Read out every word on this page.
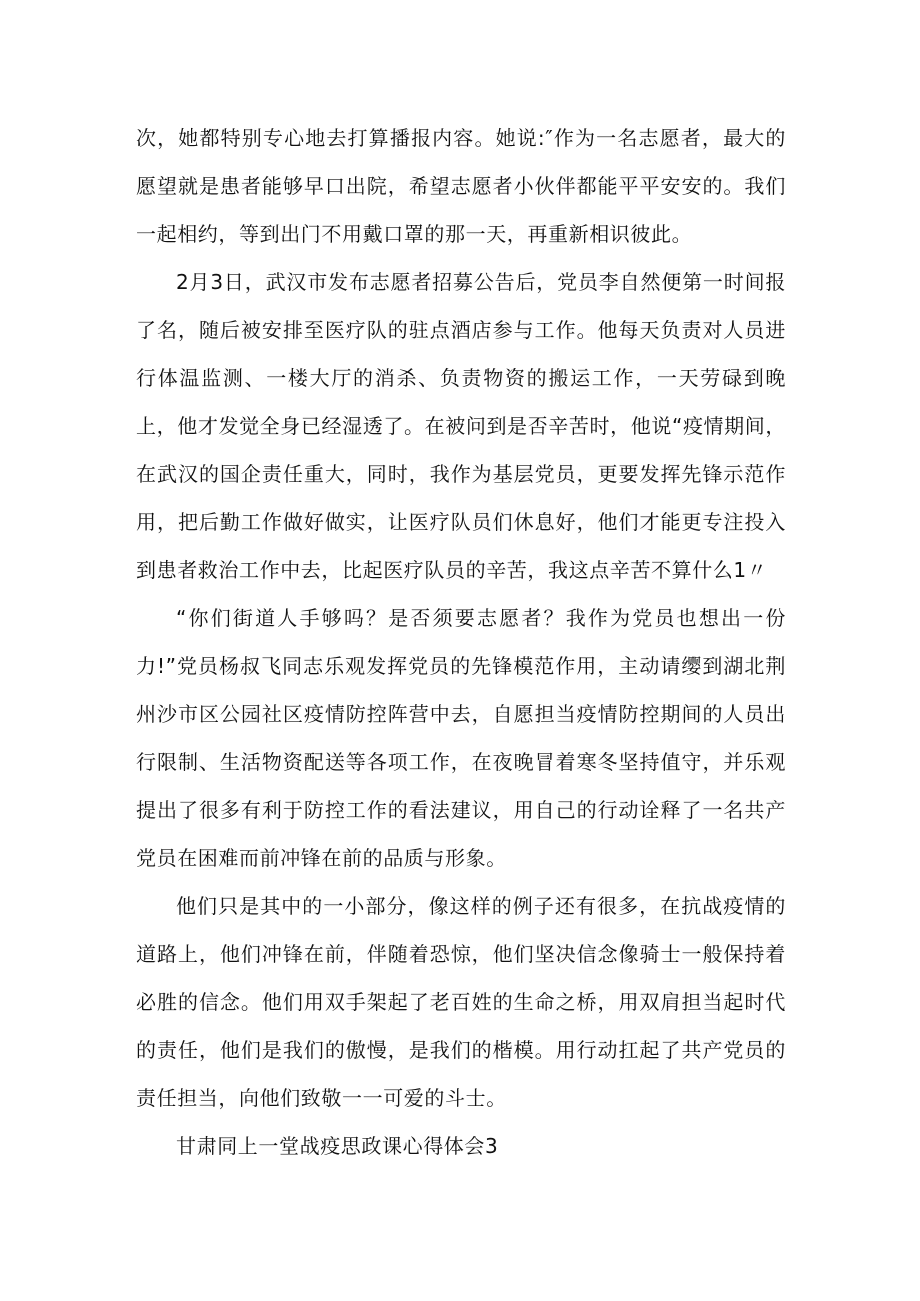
次，她都特别专心地去打算播报内容。她说:″作为一名志愿者，最大的愿望就是患者能够早口出院，希望志愿者小伙伴都能平平安安的。我们一起相约，等到出门不用戴口罩的那一天，再重新相识彼此。

2月3日，武汉市发布志愿者招募公告后，党员李自然便第一时间报了名，随后被安排至医疗队的驻点酒店参与工作。他每天负责对人员进行体温监测、一楼大厅的消杀、负责物资的搬运工作，一天劳碌到晚上，他才发觉全身已经湿透了。在被问到是否辛苦时，他说“疫情期间，在武汉的国企责任重大，同时，我作为基层党员，更要发挥先锋示范作用，把后勤工作做好做实，让医疗队员们休息好，他们才能更专注投入到患者救治工作中去，比起医疗队员的辛苦，我这点辛苦不算什么1〃

“你们街道人手够吗？是否须要志愿者？我作为党员也想出一份力!”党员杨叔飞同志乐观发挥党员的先锋模范作用，主动请缨到湖北荆州沙市区公园社区疫情防控阵营中去，自愿担当疫情防控期间的人员出行限制、生活物资配送等各项工作，在夜晚冒着寒冬坚持值守，并乐观提出了很多有利于防控工作的看法建议，用自己的行动诠释了一名共产党员在困难而前冲锋在前的品质与形象。

他们只是其中的一小部分，像这样的例子还有很多，在抗战疫情的道路上，他们冲锋在前，伴随着恐惊，他们坚决信念像骑士一般保持着必胜的信念。他们用双手架起了老百姓的生命之桥，用双肩担当起时代的责任，他们是我们的傲慢，是我们的楷模。用行动扛起了共产党员的责任担当，向他们致敬一一可爱的斗士。

甘肃同上一堂战疫思政课心得体会3
